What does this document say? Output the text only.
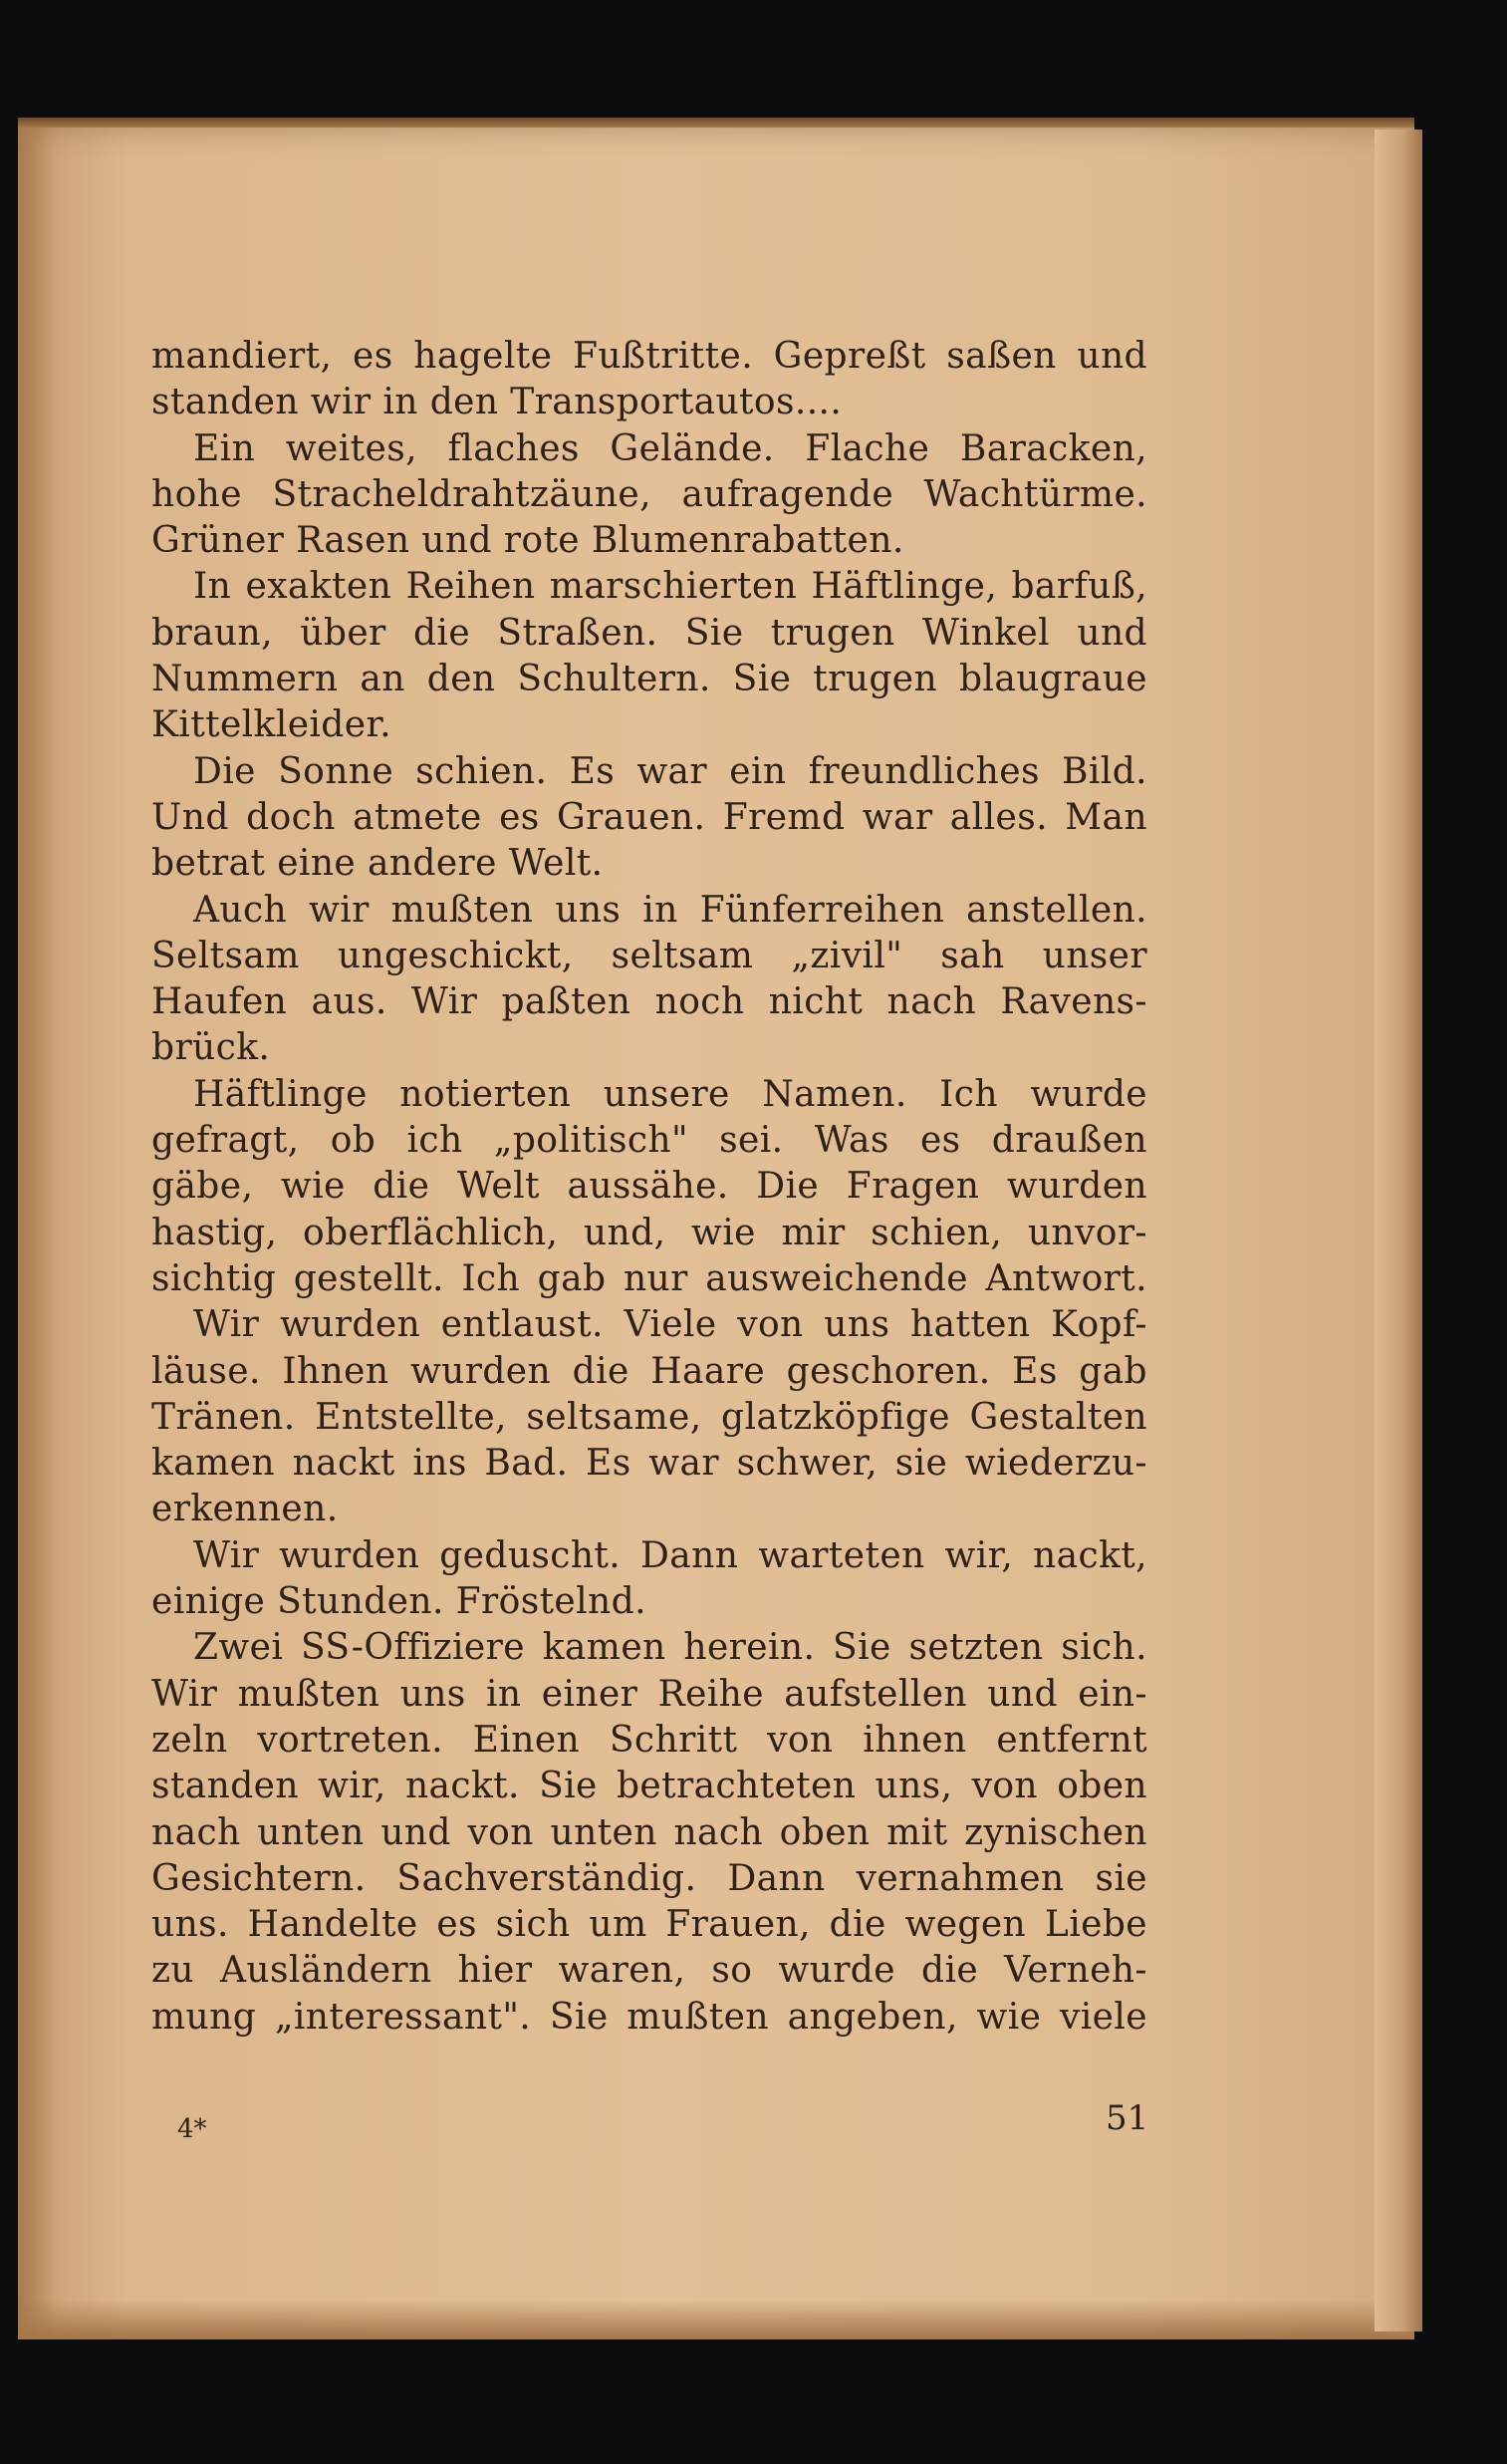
mandiert, es hagelte Fußtritte. Gepreßt saßen und
standen wir in den Transportautos....
Ein weites, flaches Gelände. Flache Baracken,
hohe Stracheldrahtzäune, aufragende Wachtürme.
Grüner Rasen und rote Blumenrabatten.
In exakten Reihen marschierten Häftlinge, barfuß,
braun, über die Straßen. Sie trugen Winkel und
Nummern an den Schultern. Sie trugen blaugraue
Kittelkleider.
Die Sonne schien. Es war ein freundliches Bild.
Und doch atmete es Grauen. Fremd war alles. Man
betrat eine andere Welt.
Auch wir mußten uns in Fünferreihen anstellen.
Seltsam ungeschickt, seltsam „zivil" sah unser
Haufen aus. Wir paßten noch nicht nach Ravens-
brück.
Häftlinge notierten unsere Namen. Ich wurde
gefragt, ob ich „politisch" sei. Was es draußen
gäbe, wie die Welt aussähe. Die Fragen wurden
hastig, oberflächlich, und, wie mir schien, unvor-
sichtig gestellt. Ich gab nur ausweichende Antwort.
Wir wurden entlaust. Viele von uns hatten Kopf-
läuse. Ihnen wurden die Haare geschoren. Es gab
Tränen. Entstellte, seltsame, glatzköpfige Gestalten
kamen nackt ins Bad. Es war schwer, sie wiederzu-
erkennen.
Wir wurden geduscht. Dann warteten wir, nackt,
einige Stunden. Fröstelnd.
Zwei SS-Offiziere kamen herein. Sie setzten sich.
Wir mußten uns in einer Reihe aufstellen und ein-
zeln vortreten. Einen Schritt von ihnen entfernt
standen wir, nackt. Sie betrachteten uns, von oben
nach unten und von unten nach oben mit zynischen
Gesichtern. Sachverständig. Dann vernahmen sie
uns. Handelte es sich um Frauen, die wegen Liebe
zu Ausländern hier waren, so wurde die Verneh-
mung „interessant". Sie mußten angeben, wie viele
4*	51
